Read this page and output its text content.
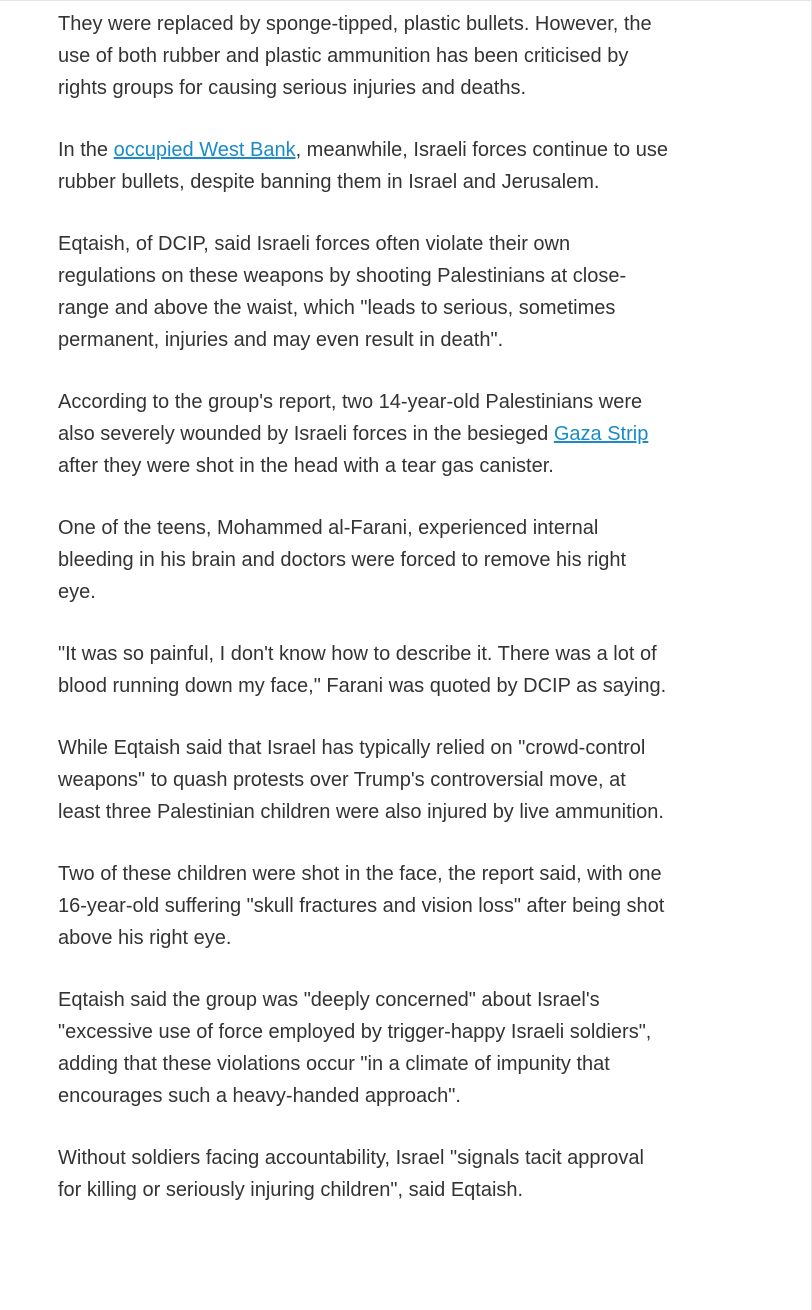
They were replaced by sponge-tipped, plastic bullets. However, the use of both rubber and plastic ammunition has been criticised by rights groups for causing serious injuries and deaths.

In the occupied West Bank, meanwhile, Israeli forces continue to use rubber bullets, despite banning them in Israel and Jerusalem.

Eqtaish, of DCIP, said Israeli forces often violate their own regulations on these weapons by shooting Palestinians at close-range and above the waist, which "leads to serious, sometimes permanent, injuries and may even result in death".

According to the group's report, two 14-year-old Palestinians were also severely wounded by Israeli forces in the besieged Gaza Strip after they were shot in the head with a tear gas canister.

One of the teens, Mohammed al-Farani, experienced internal bleeding in his brain and doctors were forced to remove his right eye.

"It was so painful, I don't know how to describe it. There was a lot of blood running down my face," Farani was quoted by DCIP as saying.

While Eqtaish said that Israel has typically relied on "crowd-control weapons" to quash protests over Trump's controversial move, at least three Palestinian children were also injured by live ammunition.

Two of these children were shot in the face, the report said, with one 16-year-old suffering "skull fractures and vision loss" after being shot above his right eye.

Eqtaish said the group was "deeply concerned" about Israel's "excessive use of force employed by trigger-happy Israeli soldiers", adding that these violations occur "in a climate of impunity that encourages such a heavy-handed approach".

Without soldiers facing accountability, Israel "signals tacit approval for killing or seriously injuring children", said Eqtaish.
